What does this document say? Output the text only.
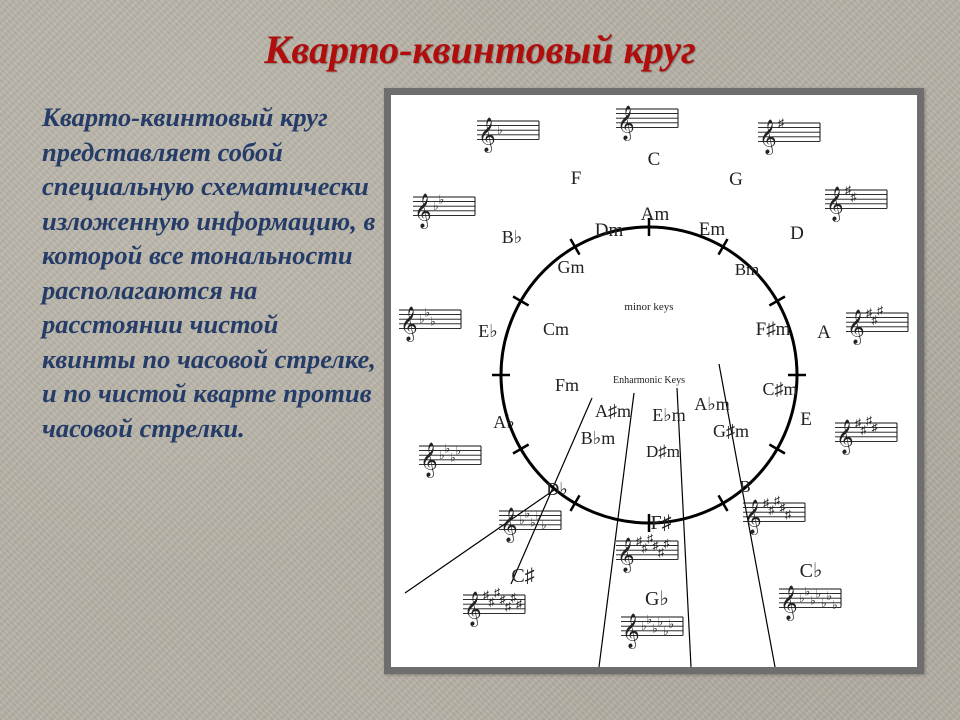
Кварто-квинтовый круг

Кварто-квинтовый круг представляет собой специальную схематически изложенную информацию, в которой все тональности располагаются на расстоянии чистой квинты по часовой стрелке, и по чистой кварте против часовой стрелки.

minor keys
Enharmonic Keys
C
G
D
A
E
B
F♯
C♯
G♭
C♭
D♭
A♭
E♭
B♭
F
Am
Em
Bm
F♯m
C♯m
G♯m
A♭m
E♭m
D♯m
A♯m
B♭m
Fm
Cm
Gm
Dm
𝄞	𝄞 ♯
𝄞 ♯ ♯
𝄞 ♯ ♯
♯
𝄞 ♯ ♯
♯ ♯
𝄞 ♯ ♯
♯ ♯ ♯
𝄞 ♯ ♯
♯ ♯ ♯
♯
𝄞 ♯ ♯
♯ ♯ ♯
♯ ♯
𝄞 ♭ ♭
♭ ♭
♭ ♭
𝄞 ♭ ♭
♭ ♭
♭ ♭
♭
𝄞 ♭ ♭
♭ ♭
♭
𝄞 ♭ ♭
♭ ♭
𝄞 ♭ ♭
♭
𝄞 ♭ ♭
𝄞 ♭
